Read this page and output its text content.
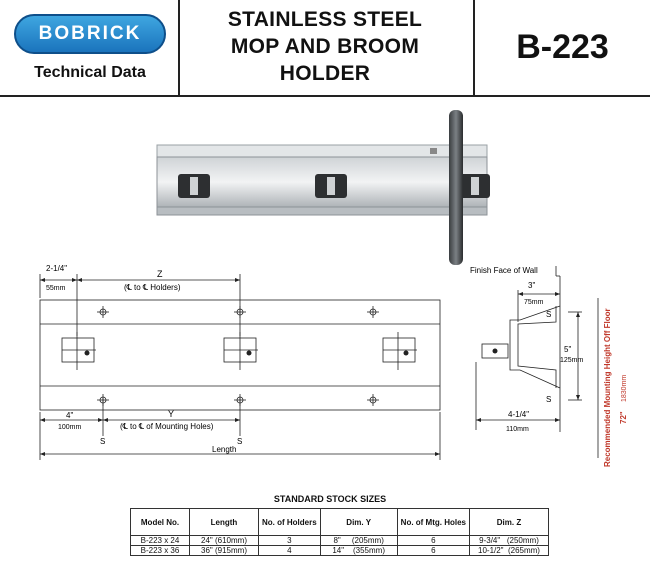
BOBRICK
Technical Data
STAINLESS STEEL
MOP AND BROOM
HOLDER
B-223
2-1/4"
55mm
Z
(℄ to ℄ Holders)
4"
100mm
Y
(℄ to ℄ of Mounting Holes)
S	S
Length
Finish Face of Wall
3"
75mm
S
5"
125mm
S
4-1/4"
110mm	Recommended Mounting Height Off Floor 72"
1830mm
STANDARD STOCK SIZES
Model No.	Length	No. of Holders	Dim. Y	No. of Mtg. Holes	Dim. Z
B-223 x 24	24" (610mm)	3	8"     (205mm)	6	9-3/4"   (250mm)
B-223 x 36	36" (915mm)	4	14"    (355mm)	6	10-1/2"  (265mm)
